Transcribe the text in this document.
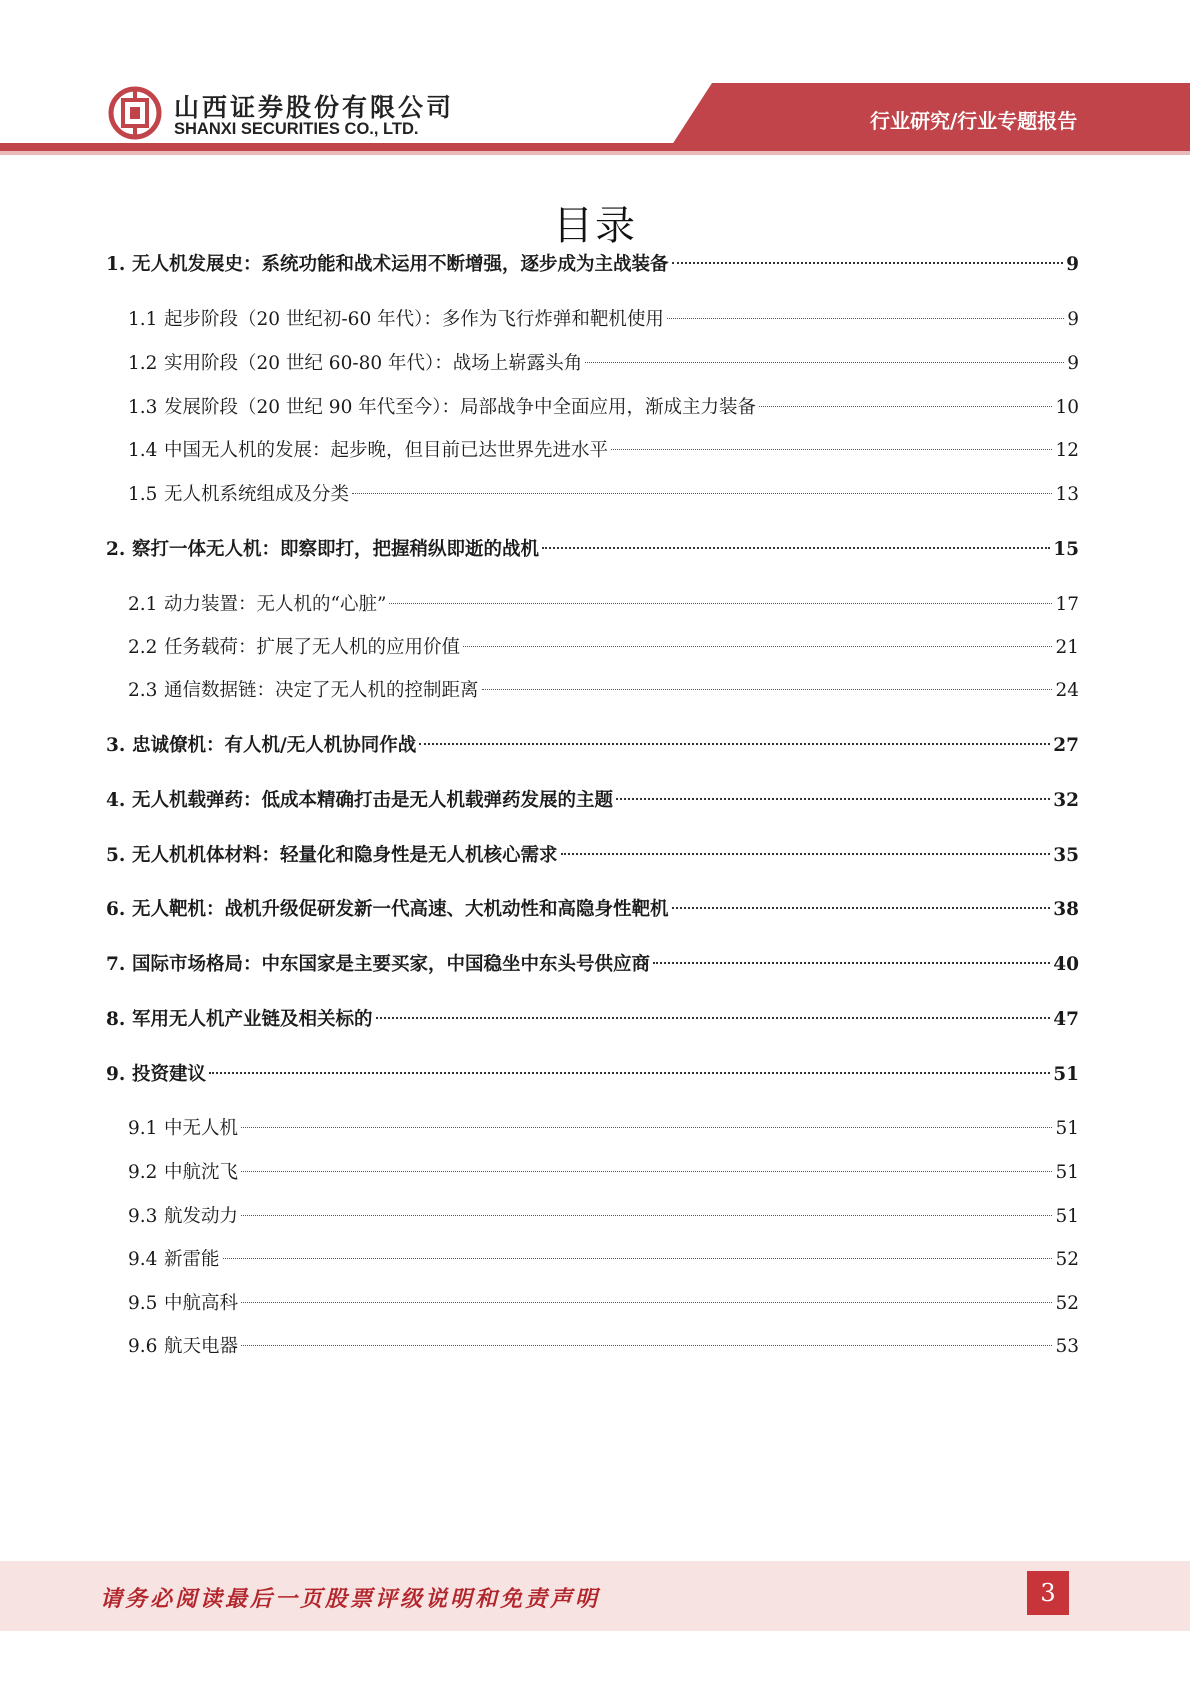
山西证券股份有限公司
SHANXI SECURITIES CO., LTD.	行业研究/行业专题报告
目录
1. 无人机发展史：系统功能和战术运用不断增强，逐步成为主战装备	9
1.1 起步阶段（20 世纪初-60 年代）：多作为飞行炸弹和靶机使用	9
1.2 实用阶段（20 世纪 60-80 年代）：战场上崭露头角	9
1.3 发展阶段（20 世纪 90 年代至今）：局部战争中全面应用，渐成主力装备	10
1.4 中国无人机的发展：起步晚，但目前已达世界先进水平	12
1.5 无人机系统组成及分类	13
2. 察打一体无人机：即察即打，把握稍纵即逝的战机	15
2.1 动力装置：无人机的“心脏”	17
2.2 任务载荷：扩展了无人机的应用价值	21
2.3 通信数据链：决定了无人机的控制距离	24
3. 忠诚僚机：有人机/无人机协同作战	27
4. 无人机载弹药：低成本精确打击是无人机载弹药发展的主题	32
5. 无人机机体材料：轻量化和隐身性是无人机核心需求	35
6. 无人靶机：战机升级促研发新一代高速、大机动性和高隐身性靶机	38
7. 国际市场格局：中东国家是主要买家，中国稳坐中东头号供应商	40
8. 军用无人机产业链及相关标的	47
9. 投资建议	51
9.1 中无人机	51
9.2 中航沈飞	51
9.3 航发动力	51
9.4 新雷能	52
9.5 中航高科	52
9.6 航天电器	53
请务必阅读最后一页股票评级说明和免责声明	3
